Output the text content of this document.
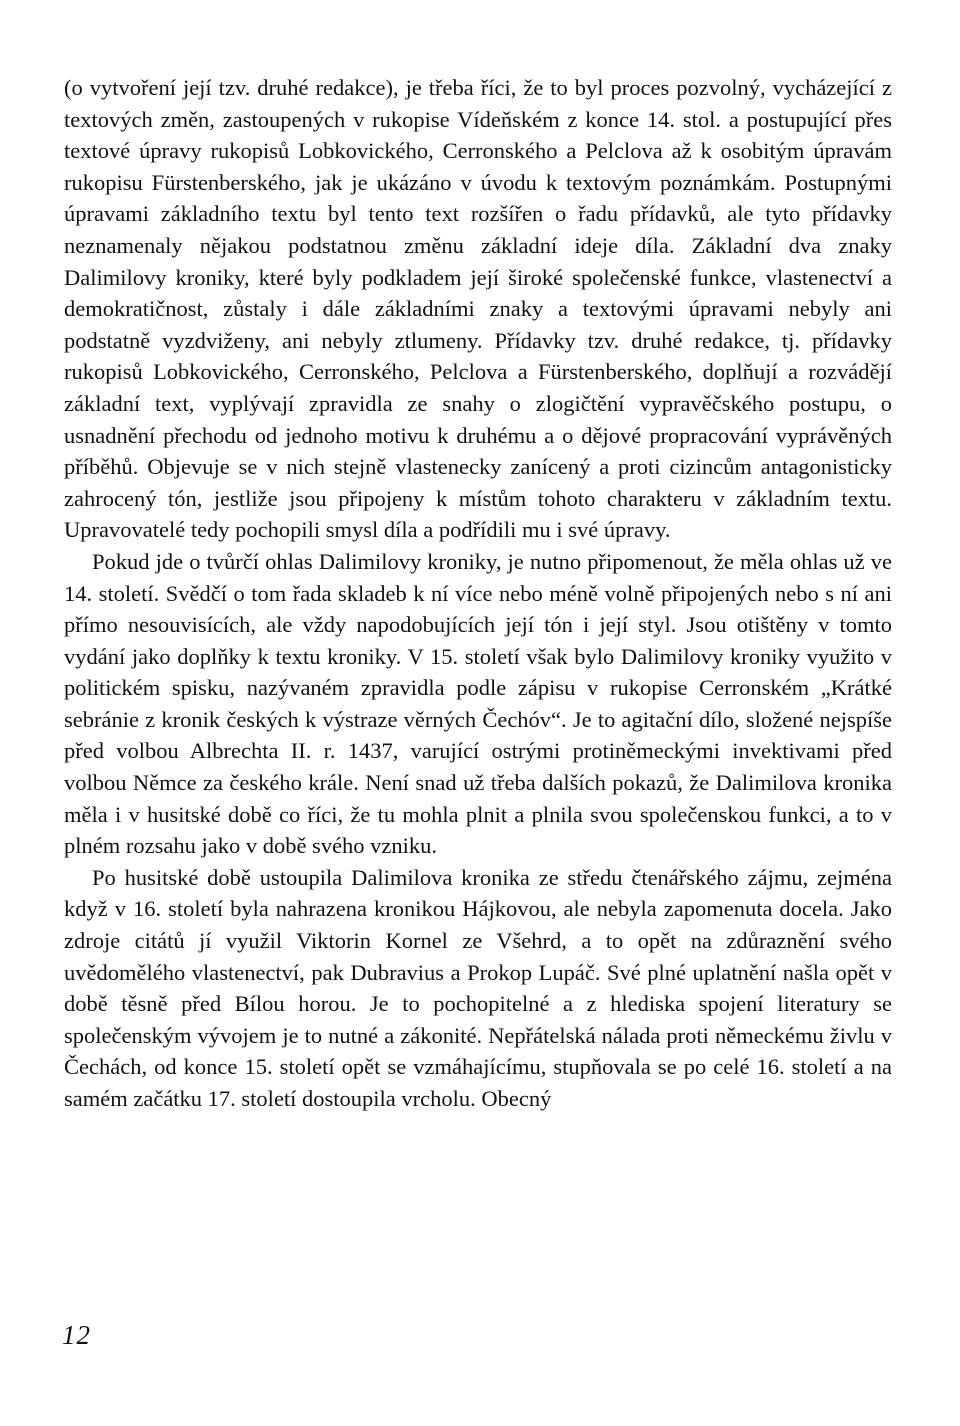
(o vytvoření její tzv. druhé redakce), je třeba říci, že to byl proces pozvolný, vycházející z textových změn, zastoupených v rukopise Vídeňském z konce 14. stol. a postupující přes textové úpravy rukopisů Lobkovického, Cerronského a Pelclova až k osobitým úpravám rukopisu Fürstenberského, jak je ukázáno v úvodu k textovým poznámkám. Postupnými úpravami základního textu byl tento text rozšířen o řadu přídavků, ale tyto přídavky neznamenaly nějakou podstatnou změnu základní ideje díla. Základní dva znaky Dalimilovy kroniky, které byly podkladem její široké společenské funkce, vlastenectví a demokratičnost, zůstaly i dále základními znaky a textovými úpravami nebyly ani podstatně vyzdviženy, ani nebyly ztlumeny. Přídavky tzv. druhé redakce, tj. přídavky rukopisů Lobkovického, Cerronského, Pelclova a Fürstenberského, doplňují a rozvádějí základní text, vyplývají zpravidla ze snahy o zlogičtění vypravěčského postupu, o usnadnění přechodu od jednoho motivu k druhému a o dějové propracování vyprávěných příběhů. Objevuje se v nich stejně vlastenecky zanícený a proti cizincům antagonisticky zahrocený tón, jestliže jsou připojeny k místům tohoto charakteru v základním textu. Upravovatelé tedy pochopili smysl díla a podřídili mu i své úpravy.

Pokud jde o tvůrčí ohlas Dalimilovy kroniky, je nutno připomenout, že měla ohlas už ve 14. století. Svědčí o tom řada skladeb k ní více nebo méně volně připojených nebo s ní ani přímo nesouvisících, ale vždy napodobujících její tón i její styl. Jsou otištěny v tomto vydání jako doplňky k textu kroniky. V 15. století však bylo Dalimilovy kroniky využito v politickém spisku, nazývaném zpravidla podle zápisu v rukopise Cerronském „Krátké sebránie z kronik českých k výstraze věrných Čechóv“. Je to agitační dílo, složené nejspíše před volbou Albrechta II. r. 1437, varující ostrými protiněmeckými invektivami před volbou Němce za českého krále. Není snad už třeba dalších pokazů, že Dalimilova kronika měla i v husitské době co říci, že tu mohla plnit a plnila svou společenskou funkci, a to v plném rozsahu jako v době svého vzniku.

Po husitské době ustoupila Dalimilova kronika ze středu čtenářského zájmu, zejména když v 16. století byla nahrazena kronikou Hájkovou, ale nebyla zapomenuta docela. Jako zdroje citátů jí využil Viktorin Kornel ze Všehrd, a to opět na zdůraznění svého uvědomělého vlastenectví, pak Dubravius a Prokop Lupáč. Své plné uplatnění našla opět v době těsně před Bílou horou. Je to pochopitelné a z hlediska spojení literatury se společenským vývojem je to nutné a zákonité. Nepřátelská nálada proti německému živlu v Čechách, od konce 15. století opět se vzmáhajícímu, stupňovala se po celé 16. století a na samém začátku 17. století dostoupila vrcholu. Obecný

12
